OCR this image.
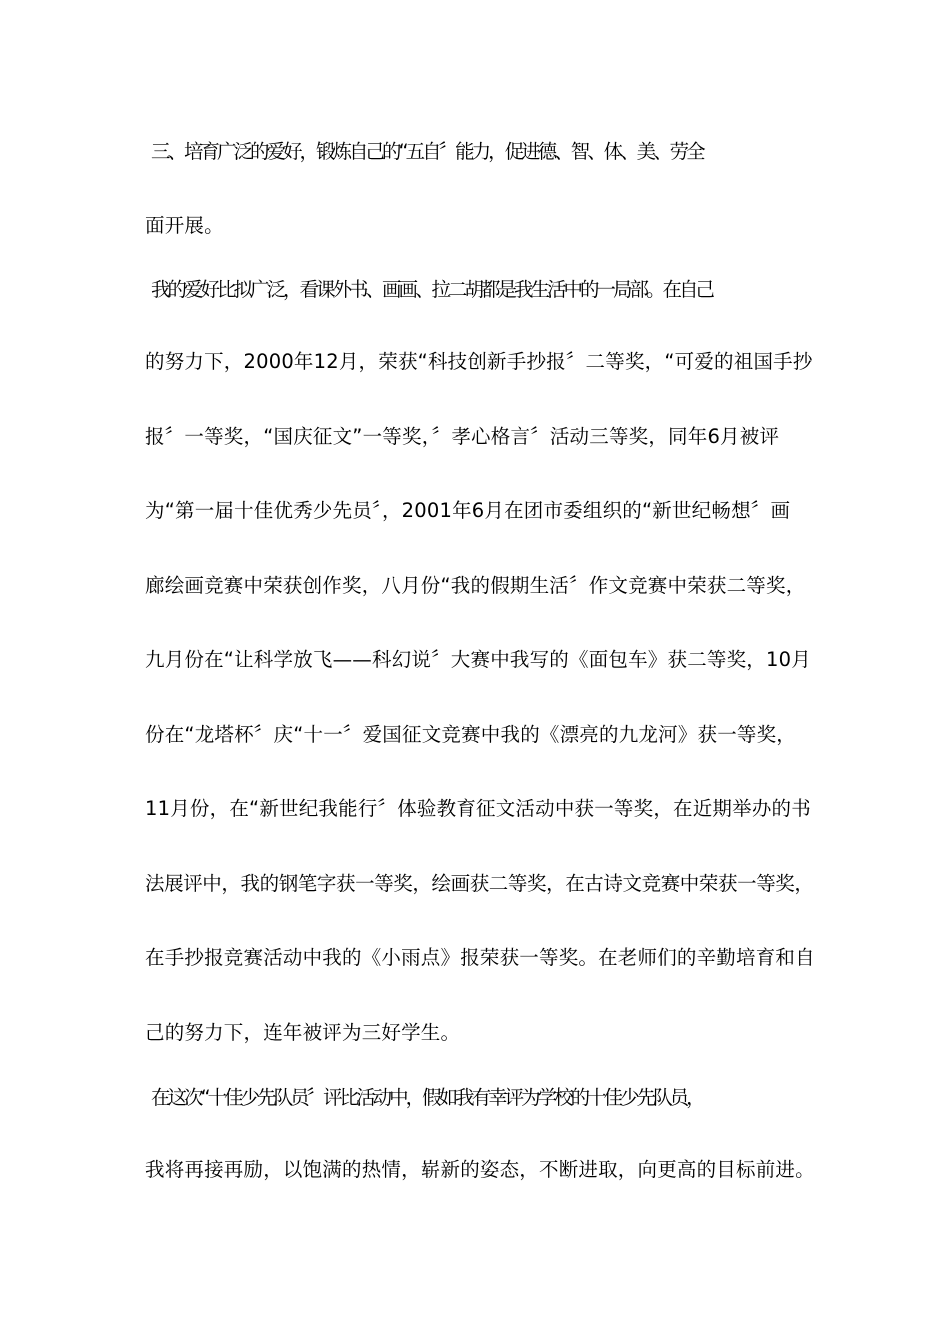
三、培育广泛的爱好，锻炼自己的“五自〞能力，促进德、智、体、美、劳全
面开展。
我的爱好比拟广泛，看课外书、画画、拉二胡都是我生活中的一局部。在自己
的努力下，2000年12月，荣获“科技创新手抄报〞二等奖，“可爱的祖国手抄
报〞一等奖，“国庆征文”一等奖，〞孝心格言〞活动三等奖，同年6月被评
为“第一届十佳优秀少先员〞，2001年6月在团市委组织的“新世纪畅想〞画
廊绘画竞赛中荣获创作奖，八月份“我的假期生活〞作文竞赛中荣获二等奖，
九月份在“让科学放飞——科幻说〞大赛中我写的《面包车》获二等奖，10月
份在“龙塔杯〞庆“十一〞爱国征文竞赛中我的《漂亮的九龙河》获一等奖，
11月份，在“新世纪我能行〞体验教育征文活动中获一等奖，在近期举办的书
法展评中，我的钢笔字获一等奖，绘画获二等奖，在古诗文竞赛中荣获一等奖，
在手抄报竞赛活动中我的《小雨点》报荣获一等奖。在老师们的辛勤培育和自
己的努力下，连年被评为三好学生。
在这次“十佳少先队员〞评比活动中，假如我有幸评为学校的十佳少先队员，
我将再接再励，以饱满的热情，崭新的姿态，不断进取，向更高的目标前进。
